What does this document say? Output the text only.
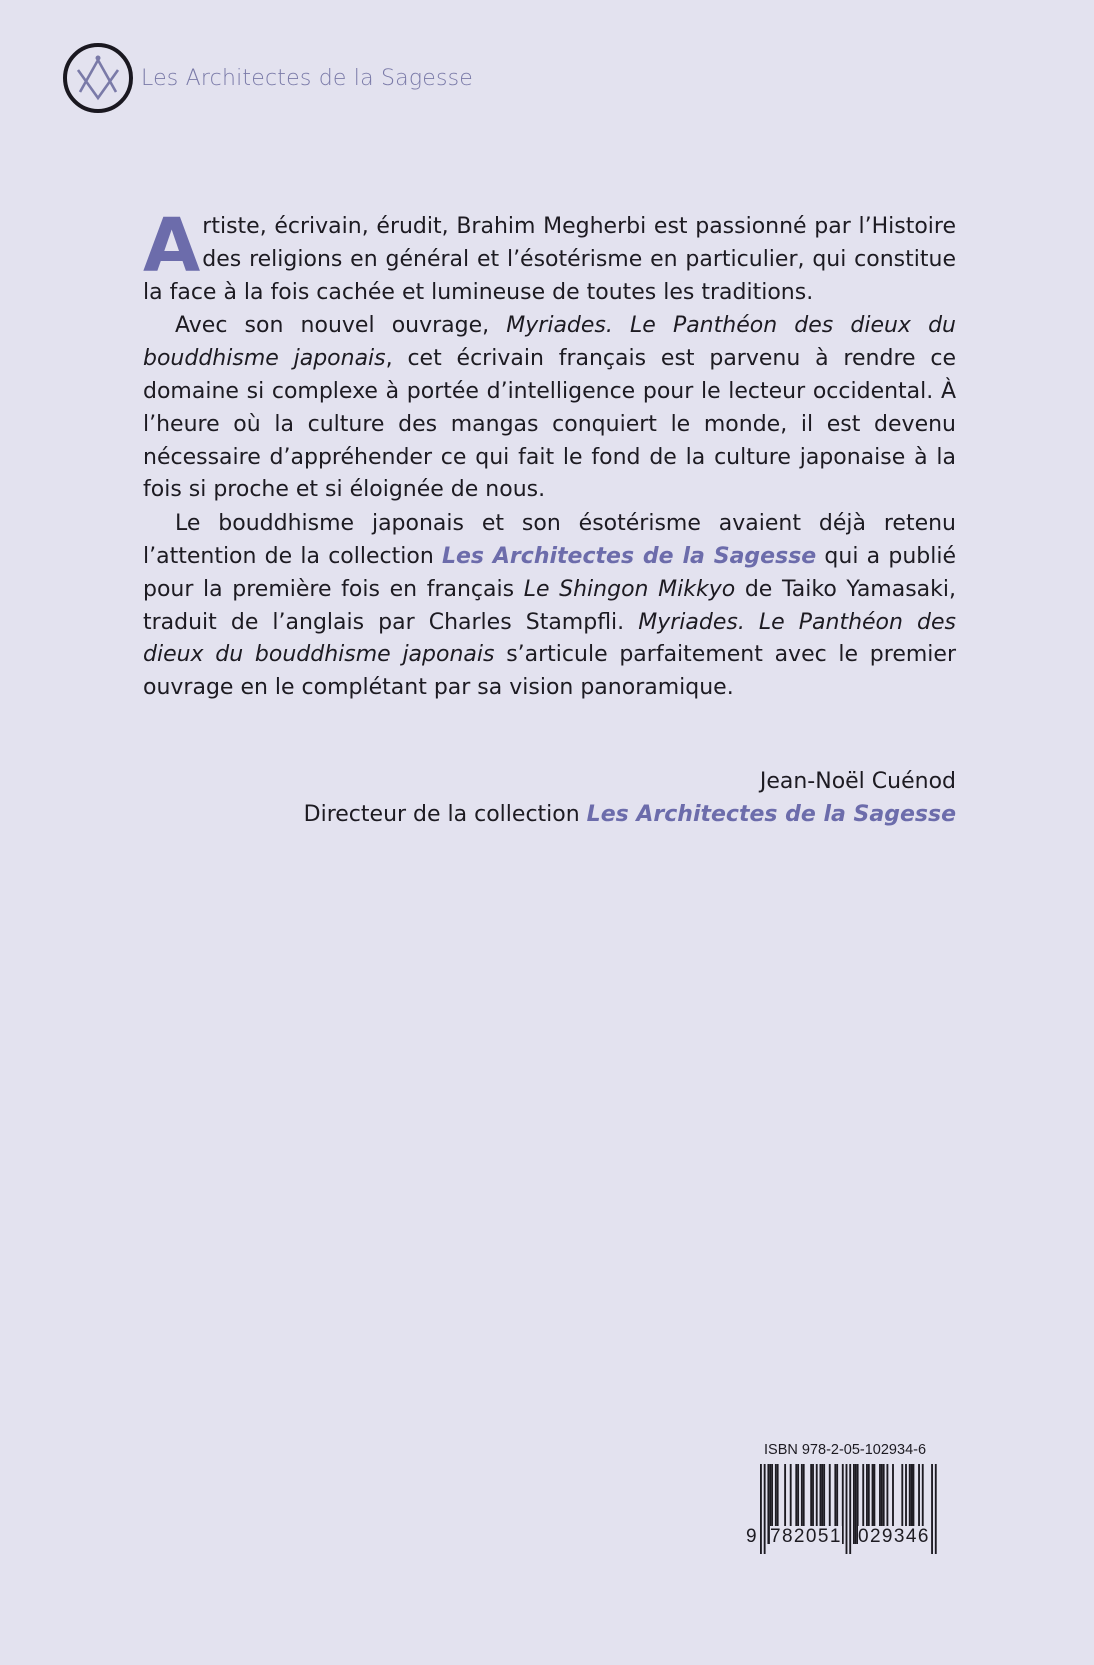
Les Architectes de la Sagesse

Artiste, écrivain, érudit, Brahim Megherbi est passionné par l’Histoire des religions en général et l’ésotérisme en particulier, qui constitue la face à la fois cachée et lumineuse de toutes les traditions.

Avec son nouvel ouvrage, Myriades. Le Panthéon des dieux du bouddhisme japonais, cet écrivain français est parvenu à rendre ce domaine si complexe à portée d’intelligence pour le lecteur occidental. À l’heure où la culture des mangas conquiert le monde, il est devenu nécessaire d’appréhender ce qui fait le fond de la culture japonaise à la fois si proche et si éloignée de nous.

Le bouddhisme japonais et son ésotérisme avaient déjà retenu l’attention de la collection Les Architectes de la Sagesse qui a publié pour la première fois en français Le Shingon Mikkyo de Taiko Yamasaki, traduit de l’anglais par Charles Stampfli. Myriades. Le Panthéon des dieux du bouddhisme japonais s’articule parfaitement avec le premier ouvrage en le complétant par sa vision panoramique.

Jean-Noël Cuénod
Directeur de la collection Les Architectes de la Sagesse
ISBN 978-2-05-102934-6
9 782051 029346
